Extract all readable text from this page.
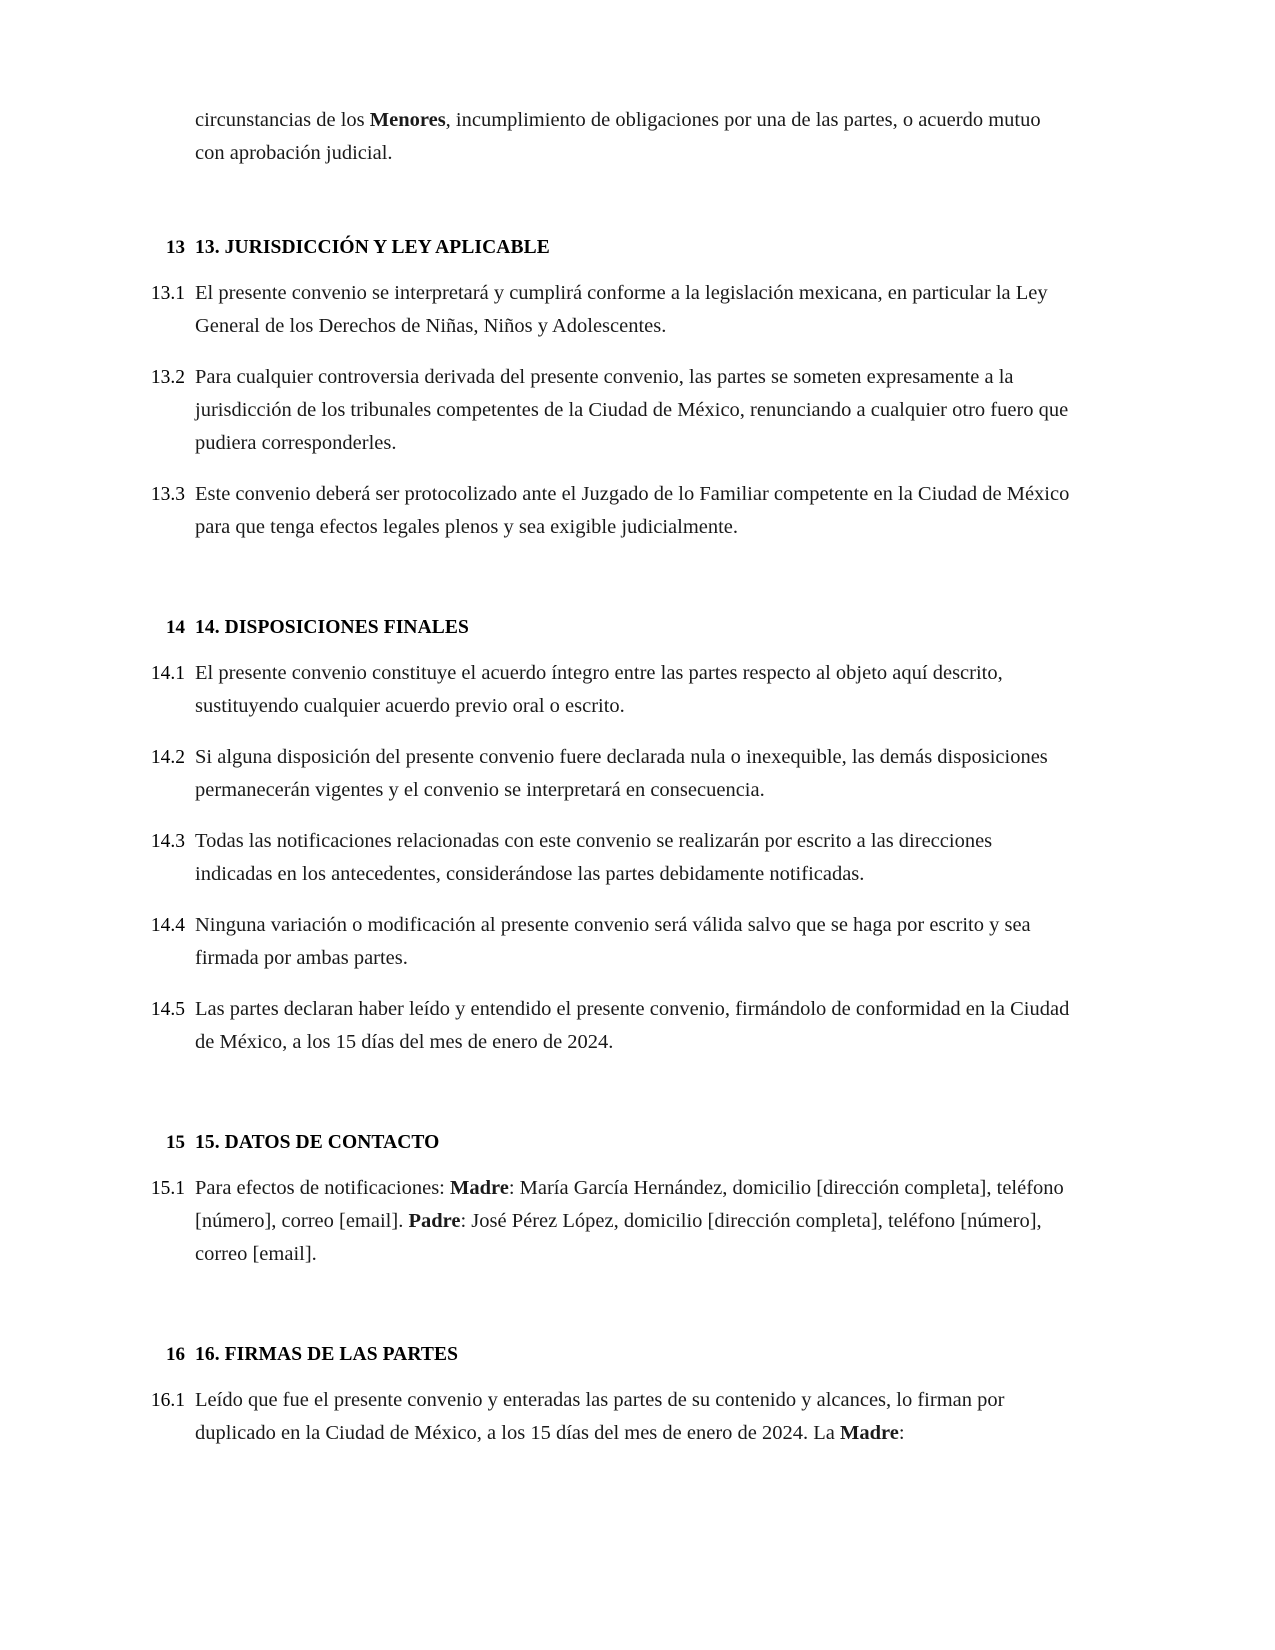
circunstancias de los Menores, incumplimiento de obligaciones por una de las partes, o acuerdo mutuo con aprobación judicial.
13 13. JURISDICCIÓN Y LEY APLICABLE
13.1 El presente convenio se interpretará y cumplirá conforme a la legislación mexicana, en particular la Ley General de los Derechos de Niñas, Niños y Adolescentes.
13.2 Para cualquier controversia derivada del presente convenio, las partes se someten expresamente a la jurisdicción de los tribunales competentes de la Ciudad de México, renunciando a cualquier otro fuero que pudiera corresponderles.
13.3 Este convenio deberá ser protocolizado ante el Juzgado de lo Familiar competente en la Ciudad de México para que tenga efectos legales plenos y sea exigible judicialmente.
14 14. DISPOSICIONES FINALES
14.1 El presente convenio constituye el acuerdo íntegro entre las partes respecto al objeto aquí descrito, sustituyendo cualquier acuerdo previo oral o escrito.
14.2 Si alguna disposición del presente convenio fuere declarada nula o inexequible, las demás disposiciones permanecerán vigentes y el convenio se interpretará en consecuencia.
14.3 Todas las notificaciones relacionadas con este convenio se realizarán por escrito a las direcciones indicadas en los antecedentes, considerándose las partes debidamente notificadas.
14.4 Ninguna variación o modificación al presente convenio será válida salvo que se haga por escrito y sea firmada por ambas partes.
14.5 Las partes declaran haber leído y entendido el presente convenio, firmándolo de conformidad en la Ciudad de México, a los 15 días del mes de enero de 2024.
15 15. DATOS DE CONTACTO
15.1 Para efectos de notificaciones: Madre: María García Hernández, domicilio [dirección completa], teléfono [número], correo [email]. Padre: José Pérez López, domicilio [dirección completa], teléfono [número], correo [email].
16 16. FIRMAS DE LAS PARTES
16.1 Leído que fue el presente convenio y enteradas las partes de su contenido y alcances, lo firman por duplicado en la Ciudad de México, a los 15 días del mes de enero de 2024. La Madre:
